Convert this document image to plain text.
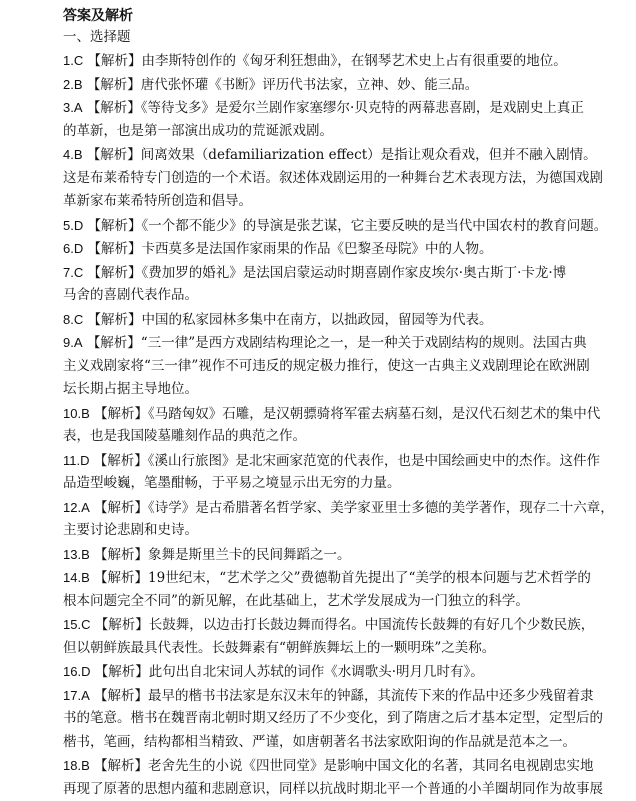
答案及解析
一、选择题
1.C 【解析】由李斯特创作的《匈牙利狂想曲》，在钢琴艺术史上占有很重要的地位。
2.B 【解析】唐代张怀瓘《书断》评历代书法家，立神、妙、能三品。
3.A 【解析】《等待戈多》是爱尔兰剧作家塞缪尔·贝克特的两幕悲喜剧，是戏剧史上真正
的革新，也是第一部演出成功的荒诞派戏剧。
4.B 【解析】间离效果（defamiliarization effect）是指让观众看戏，但并不融入剧情。
这是布莱希特专门创造的一个术语。叙述体戏剧运用的一种舞台艺术表现方法，为德国戏剧
革新家布莱希特所创造和倡导。
5.D 【解析】《一个都不能少》的导演是张艺谋，它主要反映的是当代中国农村的教育问题。
6.D 【解析】卡西莫多是法国作家雨果的作品《巴黎圣母院》中的人物。
7.C 【解析】《费加罗的婚礼》是法国启蒙运动时期喜剧作家皮埃尔·奥古斯丁·卡龙·博
马舍的喜剧代表作品。
8.C 【解析】中国的私家园林多集中在南方，以拙政园，留园等为代表。
9.A 【解析】“三一律”是西方戏剧结构理论之一，是一种关于戏剧结构的规则。法国古典
主义戏剧家将“三一律”视作不可违反的规定极力推行，使这一古典主义戏剧理论在欧洲剧
坛长期占据主导地位。
10.B 【解析】《马踏匈奴》石雕，是汉朝骠骑将军霍去病墓石刻，是汉代石刻艺术的集中代
表，也是我国陵墓雕刻作品的典范之作。
11.D 【解析】《溪山行旅图》是北宋画家范宽的代表作，也是中国绘画史中的杰作。这件作
品造型峻巍，笔墨酣畅，于平易之境显示出无穷的力量。
12.A 【解析】《诗学》是古希腊著名哲学家、美学家亚里士多德的美学著作，现存二十六章，
主要讨论悲剧和史诗。
13.B 【解析】象舞是斯里兰卡的民间舞蹈之一。
14.B 【解析】19世纪末，“艺术学之父”费德勒首先提出了“美学的根本问题与艺术哲学的
根本问题完全不同”的新见解，在此基础上，艺术学发展成为一门独立的科学。
15.C 【解析】长鼓舞，以边击打长鼓边舞而得名。中国流传长鼓舞的有好几个少数民族，
但以朝鲜族最具代表性。长鼓舞素有“朝鲜族舞坛上的一颗明珠”之美称。
16.D 【解析】此句出自北宋词人苏轼的词作《水调歌头·明月几时有》。
17.A 【解析】最早的楷书书法家是东汉末年的钟繇，其流传下来的作品中还多少残留着隶
书的笔意。楷书在魏晋南北朝时期又经历了不少变化，到了隋唐之后才基本定型，定型后的
楷书，笔画，结构都相当精致、严谨，如唐朝著名书法家欧阳询的作品就是范本之一。
18.B 【解析】老舍先生的小说《四世同堂》是影响中国文化的名著，其同名电视剧忠实地
再现了原著的思想内蕴和悲剧意识，同样以抗战时期北平一个普通的小羊圈胡同作为故事展
